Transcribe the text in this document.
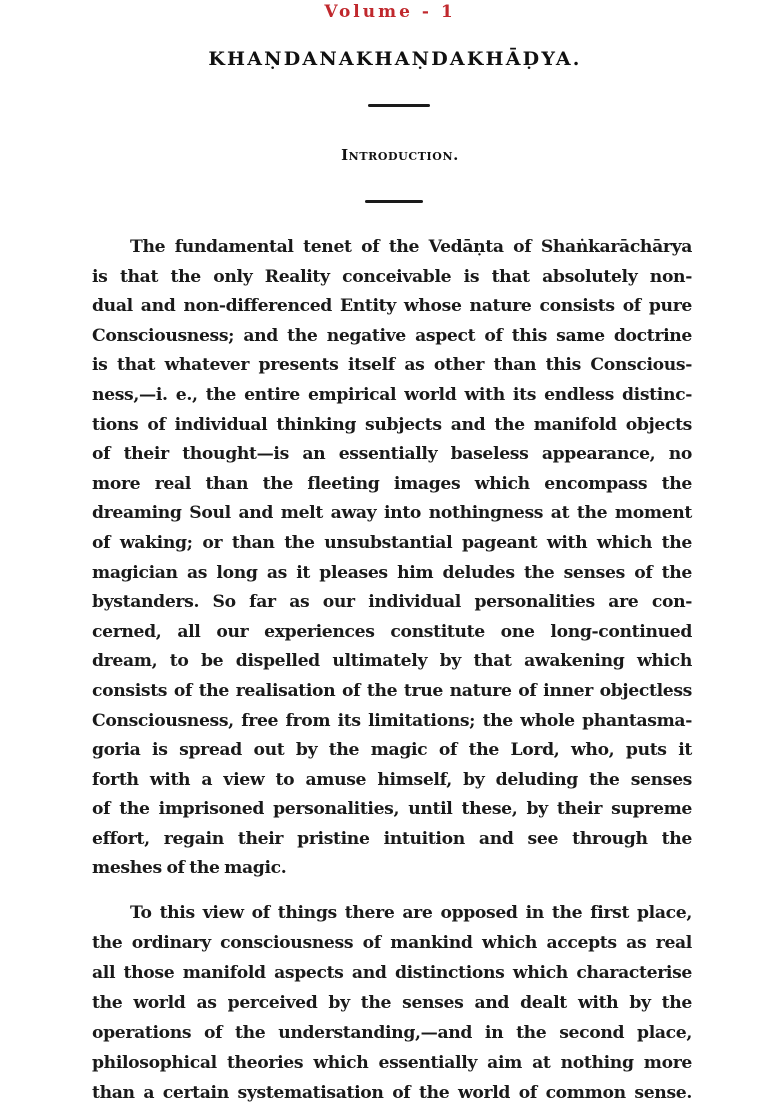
Volume - 1
KHAṆDANAKHAṆDAKHĀḌYA.
Introduction.
The fundamental tenet of the Vedāṇta of Shaṅkarāchārya
is that the only Reality conceivable is that absolutely non-
dual and non-differenced Entity whose nature consists of pure
Consciousness; and the negative aspect of this same doctrine
is that whatever presents itself as other than this Conscious-
ness,—i. e., the entire empirical world with its endless distinc-
tions of individual thinking subjects and the manifold objects
of their thought—is an essentially baseless appearance, no
more real than the fleeting images which encompass the
dreaming Soul and melt away into nothingness at the moment
of waking; or than the unsubstantial pageant with which the
magician as long as it pleases him deludes the senses of the
bystanders. So far as our individual personalities are con-
cerned, all our experiences constitute one long-continued
dream, to be dispelled ultimately by that awakening which
consists of the realisation of the true nature of inner objectless
Consciousness, free from its limitations; the whole phantasma-
goria is spread out by the magic of the Lord, who, puts it
forth with a view to amuse himself, by deluding the senses
of the imprisoned personalities, until these, by their supreme
effort, regain their pristine intuition and see through the
meshes of the magic.
To this view of things there are opposed in the first place,
the ordinary consciousness of mankind which accepts as real
all those manifold aspects and distinctions which characterise
the world as perceived by the senses and dealt with by the
operations of the understanding,—and in the second place,
philosophical theories which essentially aim at nothing more
than a certain systematisation of the world of common sense.
